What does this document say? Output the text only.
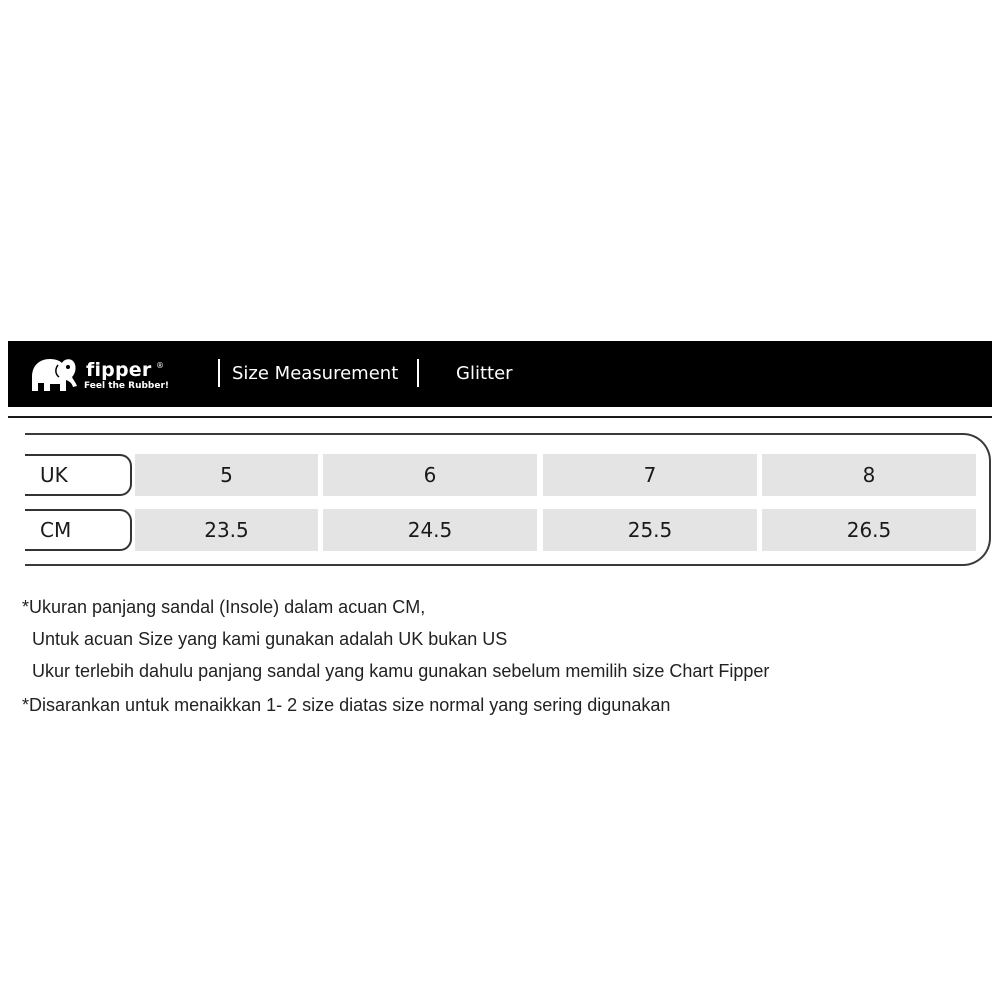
fipper ®
Feel the Rubber!
Size Measurement	Glitter
UK	5	6	7	8
CM	23.5	24.5	25.5	26.5
*Ukuran panjang sandal (Insole) dalam acuan CM,
Untuk acuan Size yang kami gunakan adalah UK bukan US
Ukur terlebih dahulu panjang sandal yang kamu gunakan sebelum memilih size Chart Fipper
*Disarankan untuk menaikkan 1- 2 size diatas size normal yang sering digunakan
